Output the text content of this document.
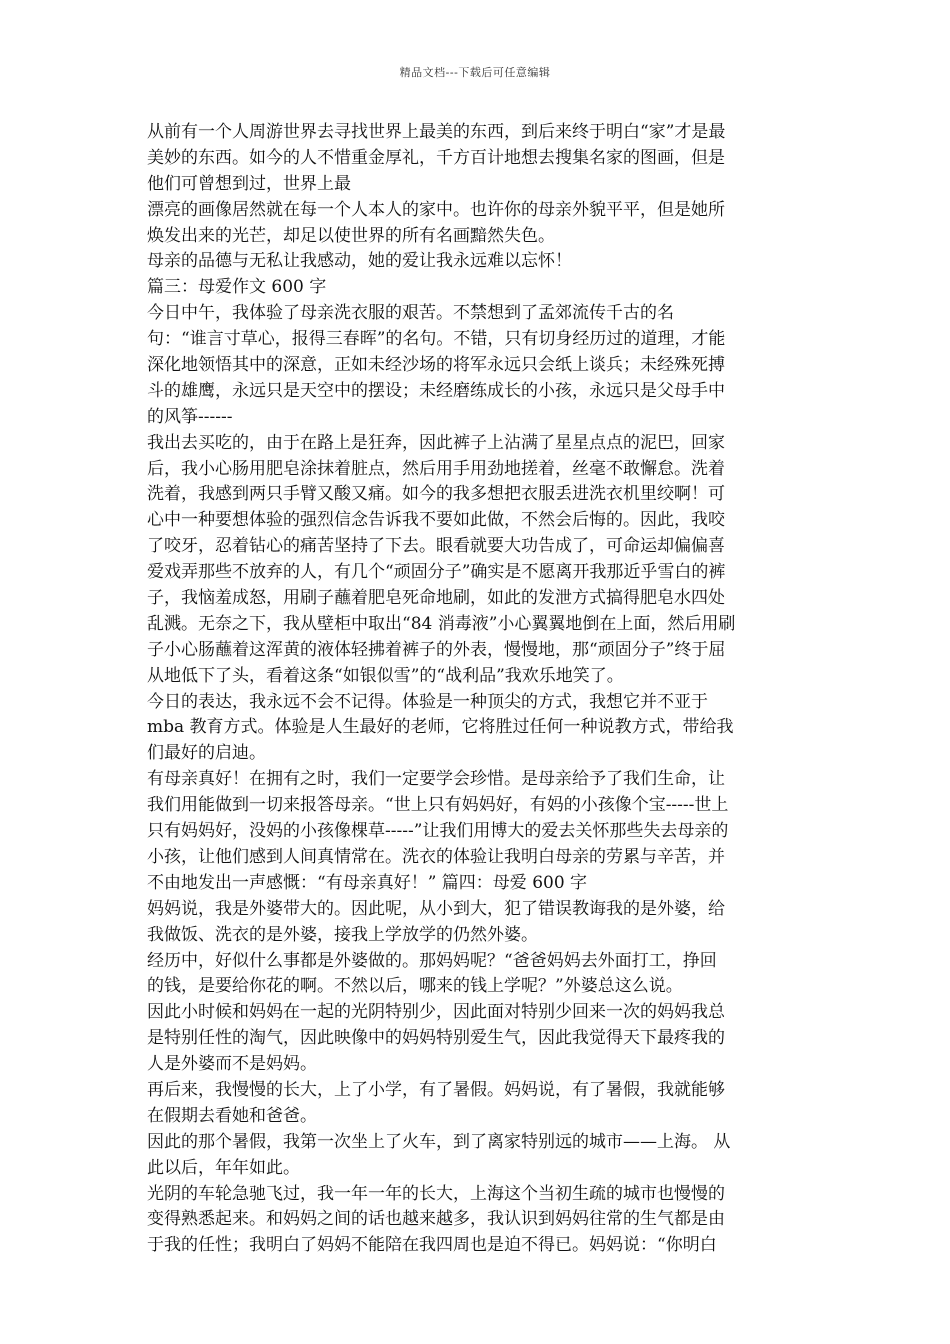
精品文档---下载后可任意编辑
从前有一个人周游世界去寻找世界上最美的东西，到后来终于明白“家”才是最
美妙的东西。如今的人不惜重金厚礼，千方百计地想去搜集名家的图画，但是
他们可曾想到过，世界上最
漂亮的画像居然就在每一个人本人的家中。也许你的母亲外貌平平，但是她所
焕发出来的光芒，却足以使世界的所有名画黯然失色。
母亲的品德与无私让我感动，她的爱让我永远难以忘怀！
篇三：母爱作文 600 字
今日中午，我体验了母亲洗衣服的艰苦。不禁想到了孟郊流传千古的名
句：“谁言寸草心，报得三春晖”的名句。不错，只有切身经历过的道理，才能
深化地领悟其中的深意，正如未经沙场的将军永远只会纸上谈兵；未经殊死搏
斗的雄鹰，永远只是天空中的摆设；未经磨练成长的小孩，永远只是父母手中
的风筝------
我出去买吃的，由于在路上是狂奔，因此裤子上沾满了星星点点的泥巴，回家
后，我小心肠用肥皂涂抹着脏点，然后用手用劲地搓着，丝毫不敢懈怠。洗着
洗着，我感到两只手臂又酸又痛。如今的我多想把衣服丢进洗衣机里绞啊！可
心中一种要想体验的强烈信念告诉我不要如此做，不然会后悔的。因此，我咬
了咬牙，忍着钻心的痛苦坚持了下去。眼看就要大功告成了，可命运却偏偏喜
爱戏弄那些不放弃的人，有几个“顽固分子”确实是不愿离开我那近乎雪白的裤
子，我恼羞成怒，用刷子蘸着肥皂死命地刷，如此的发泄方式搞得肥皂水四处
乱溅。无奈之下，我从壁柜中取出“84 消毒液”小心翼翼地倒在上面，然后用刷
子小心肠蘸着这浑黄的液体轻拂着裤子的外表，慢慢地，那“顽固分子”终于屈
从地低下了头，看着这条“如银似雪”的“战利品”我欢乐地笑了。
今日的表达，我永远不会不记得。体验是一种顶尖的方式，我想它并不亚于
mba 教育方式。体验是人生最好的老师，它将胜过任何一种说教方式，带给我
们最好的启迪。
有母亲真好！在拥有之时，我们一定要学会珍惜。是母亲给予了我们生命，让
我们用能做到一切来报答母亲。“世上只有妈妈好，有妈的小孩像个宝-----世上
只有妈妈好，没妈的小孩像棵草-----”让我们用博大的爱去关怀那些失去母亲的
小孩，让他们感到人间真情常在。洗衣的体验让我明白母亲的劳累与辛苦，并
不由地发出一声感慨：“有母亲真好！” 篇四：母爱 600 字
妈妈说，我是外婆带大的。因此呢，从小到大，犯了错误教诲我的是外婆，给
我做饭、洗衣的是外婆，接我上学放学的仍然外婆。
经历中，好似什么事都是外婆做的。那妈妈呢？“爸爸妈妈去外面打工，挣回
的钱，是要给你花的啊。不然以后，哪来的钱上学呢？”外婆总这么说。
因此小时候和妈妈在一起的光阴特别少，因此面对特别少回来一次的妈妈我总
是特别任性的淘气，因此映像中的妈妈特别爱生气，因此我觉得天下最疼我的
人是外婆而不是妈妈。
再后来，我慢慢的长大，上了小学，有了暑假。妈妈说，有了暑假，我就能够
在假期去看她和爸爸。
因此的那个暑假，我第一次坐上了火车，到了离家特别远的城市——上海。 从
此以后，年年如此。
光阴的车轮急驰飞过，我一年一年的长大，上海这个当初生疏的城市也慢慢的
变得熟悉起来。和妈妈之间的话也越来越多，我认识到妈妈往常的生气都是由
于我的任性；我明白了妈妈不能陪在我四周也是迫不得已。妈妈说：“你明白
